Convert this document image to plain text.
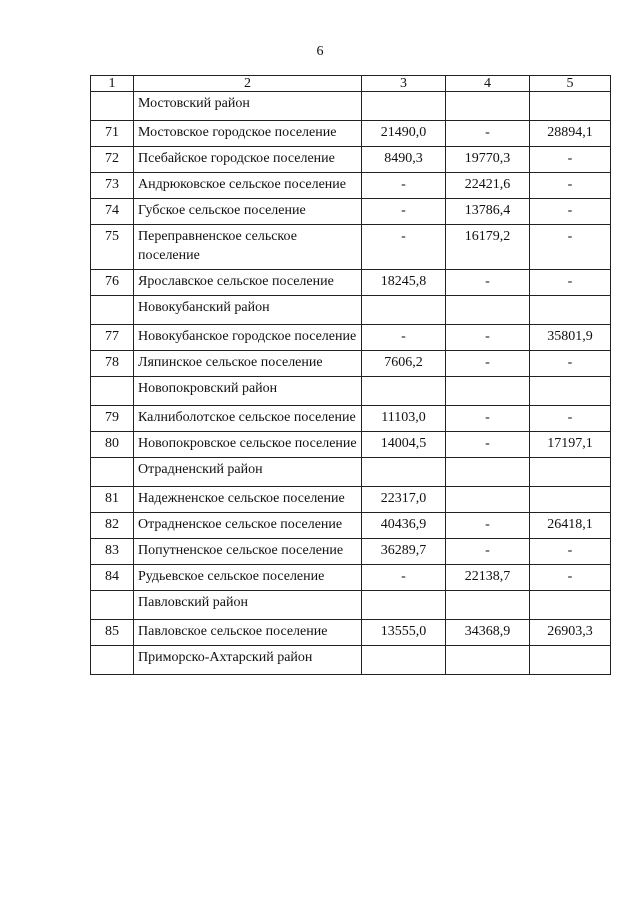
6
1	2	3	4	5
	Мостовский район			
71	Мостовское городское поселение	21490,0	-	28894,1
72	Псебайское городское поселение	8490,3	19770,3	-
73	Андрюковское сельское поселение	-	22421,6	-
74	Губское сельское поселение	-	13786,4	-
75	Переправненское сельское поселение	-	16179,2	-
76	Ярославское сельское поселение	18245,8	-	-
	Новокубанский район			
77	Новокубанское городское поселение	-	-	35801,9
78	Ляпинское сельское поселение	7606,2	-	-
	Новопокровский район			
79	Калниболотское сельское поселение	11103,0	-	-
80	Новопокровское сельское поселение	14004,5	-	17197,1
	Отрадненский район			
81	Надежненское сельское поселение	22317,0		
82	Отрадненское сельское поселение	40436,9	-	26418,1
83	Попутненское сельское поселение	36289,7	-	-
84	Рудьевское сельское поселение	-	22138,7	-
	Павловский район			
85	Павловское сельское поселение	13555,0	34368,9	26903,3
	Приморско-Ахтарский район			
